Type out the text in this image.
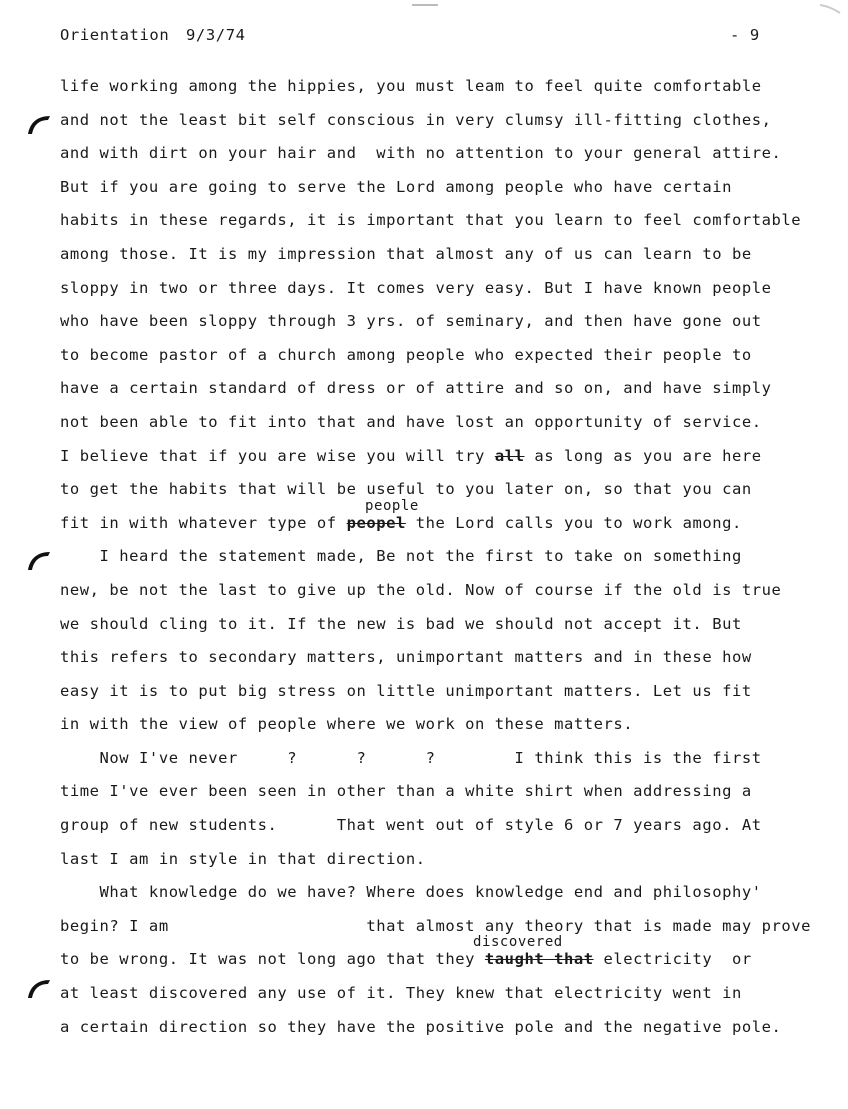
Orientation 9/3/74	- 9
life working among the hippies, you must leam to feel quite comfortable
and not the least bit self conscious in very clumsy ill-fitting clothes,
and with dirt on your hair and  with no attention to your general attire.
But if you are going to serve the Lord among people who have certain
habits in these regards, it is important that you learn to feel comfortable
among those. It is my impression that almost any of us can learn to be
sloppy in two or three days. It comes very easy. But I have known people
who have been sloppy through 3 yrs. of seminary, and then have gone out
to become pastor of a church among people who expected their people to
have a certain standard of dress or of attire and so on, and have simply
not been able to fit into that and have lost an opportunity of service.
I believe that if you are wise you will try all as long as you are here
to get the habits that will be useful to you later on, so that you can
people
fit in with whatever type of peopel the Lord calls you to work among.
I heard the statement made, Be not the first to take on something
new, be not the last to give up the old. Now of course if the old is true
we should cling to it. If the new is bad we should not accept it. But
this refers to secondary matters, unimportant matters and in these how
easy it is to put big stress on little unimportant matters. Let us fit
in with the view of people where we work on these matters.
Now I've never     ?      ?      ?        I think this is the first
time I've ever been seen in other than a white shirt when addressing a
group of new students.      That went out of style 6 or 7 years ago. At
last I am in style in that direction.
What knowledge do we have? Where does knowledge end and philosophy'
begin? I am                    that almost any theory that is made may prove
discovered
to be wrong. It was not long ago that they taught that electricity  or
at least discovered any use of it. They knew that electricity went in
a certain direction so they have the positive pole and the negative pole.
